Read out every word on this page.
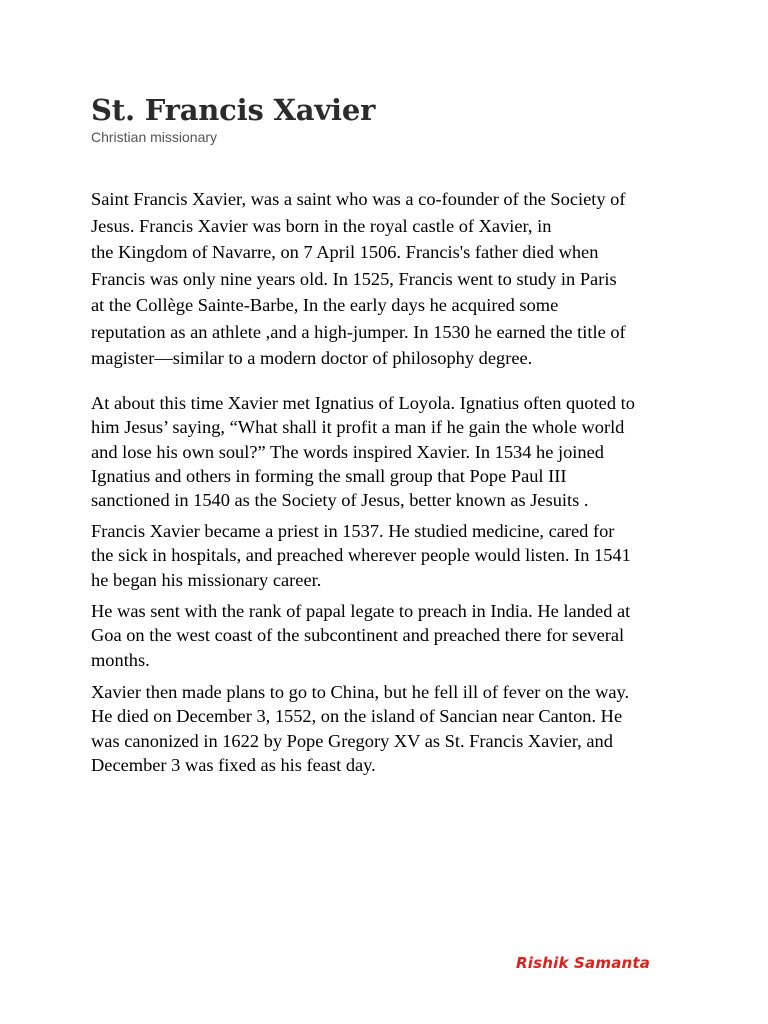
St. Francis Xavier

Christian missionary

Saint Francis Xavier, was a saint who was a co-founder of the Society of
Jesus. Francis Xavier was born in the royal castle of Xavier, in
the Kingdom of Navarre, on 7 April 1506. Francis's father died when
Francis was only nine years old. In 1525, Francis went to study in Paris
at the Collège Sainte-Barbe, In the early days he acquired some
reputation as an athlete ,and a high-jumper. In 1530 he earned the title of
magister—similar to a modern doctor of philosophy degree.

At about this time Xavier met Ignatius of Loyola. Ignatius often quoted to
him Jesus’ saying, “What shall it profit a man if he gain the whole world
and lose his own soul?” The words inspired Xavier. In 1534 he joined
Ignatius and others in forming the small group that Pope Paul III
sanctioned in 1540 as the Society of Jesus, better known as Jesuits .

Francis Xavier became a priest in 1537. He studied medicine, cared for
the sick in hospitals, and preached wherever people would listen. In 1541
he began his missionary career.

He was sent with the rank of papal legate to preach in India. He landed at
Goa on the west coast of the subcontinent and preached there for several
months.

Xavier then made plans to go to China, but he fell ill of fever on the way.
He died on December 3, 1552, on the island of Sancian near Canton. He
was canonized in 1622 by Pope Gregory XV as St. Francis Xavier, and
December 3 was fixed as his feast day.

Rishik Samanta
